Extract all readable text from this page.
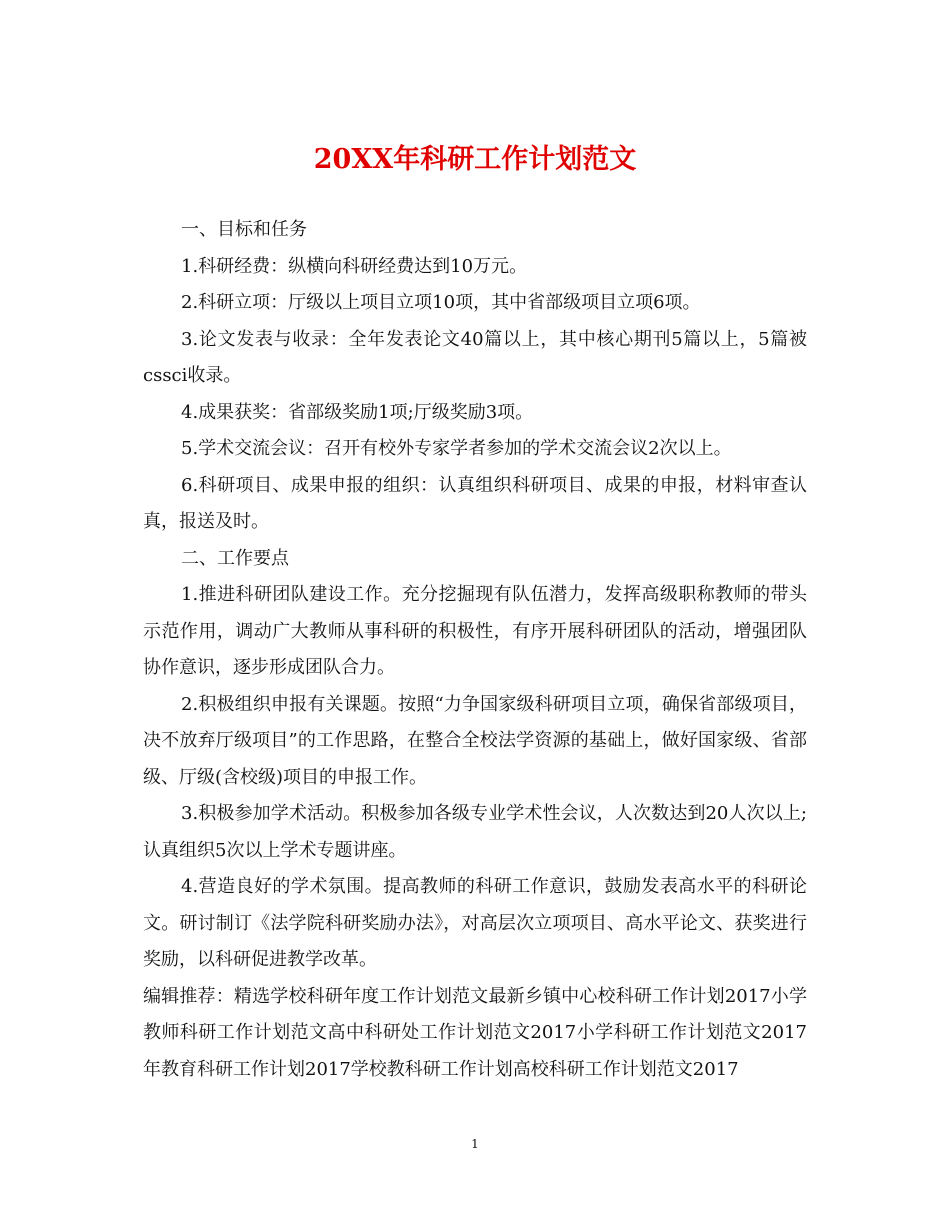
20XX年科研工作计划范文

一、目标和任务

1.科研经费：纵横向科研经费达到10万元。

2.科研立项：厅级以上项目立项10项，其中省部级项目立项6项。

3.论文发表与收录：全年发表论文40篇以上，其中核心期刊5篇以上，5篇被cssci收录。

4.成果获奖：省部级奖励1项;厅级奖励3项。

5.学术交流会议：召开有校外专家学者参加的学术交流会议2次以上。

6.科研项目、成果申报的组织：认真组织科研项目、成果的申报，材料审查认真，报送及时。

二、工作要点

1.推进科研团队建设工作。充分挖掘现有队伍潜力，发挥高级职称教师的带头示范作用，调动广大教师从事科研的积极性，有序开展科研团队的活动，增强团队协作意识，逐步形成团队合力。

2.积极组织申报有关课题。按照“力争国家级科研项目立项，确保省部级项目，决不放弃厅级项目”的工作思路，在整合全校法学资源的基础上，做好国家级、省部级、厅级(含校级)项目的申报工作。

3.积极参加学术活动。积极参加各级专业学术性会议，人次数达到20人次以上;认真组织5次以上学术专题讲座。

4.营造良好的学术氛围。提高教师的科研工作意识，鼓励发表高水平的科研论文。研讨制订《法学院科研奖励办法》，对高层次立项项目、高水平论文、获奖进行奖励，以科研促进教学改革。

编辑推荐：精选学校科研年度工作计划范文最新乡镇中心校科研工作计划2017小学教师科研工作计划范文高中科研处工作计划范文2017小学科研工作计划范文2017年教育科研工作计划2017学校教科研工作计划高校科研工作计划范文2017

1
